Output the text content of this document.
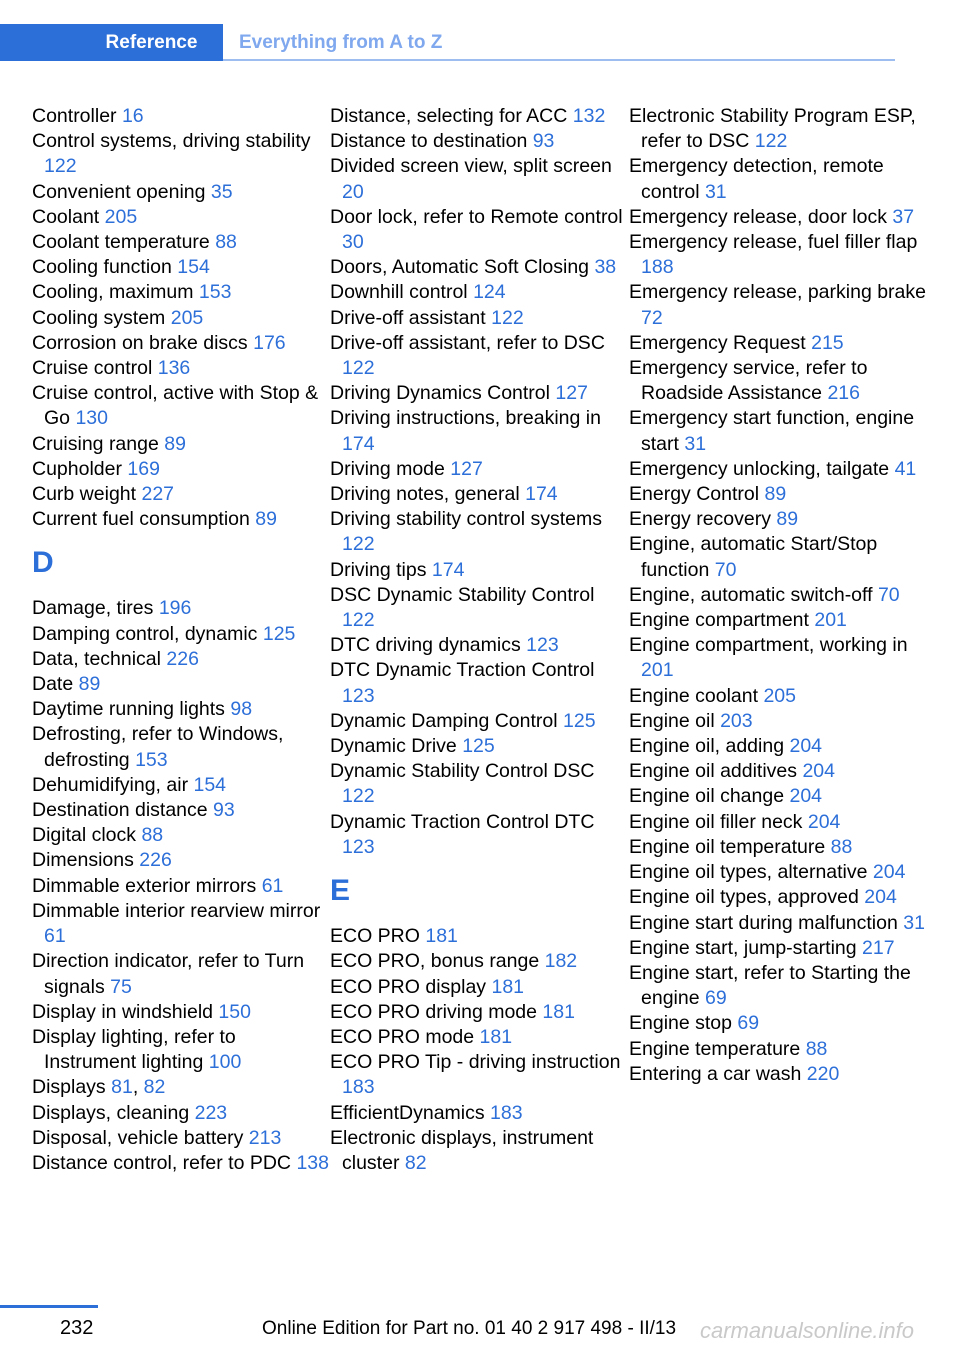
Reference	Everything from A to Z
Controller 16
Control systems, driving stability 122
Convenient opening 35
Coolant 205
Coolant temperature 88
Cooling function 154
Cooling, maximum 153
Cooling system 205
Corrosion on brake discs 176
Cruise control 136
Cruise control, active with Stop & Go 130
Cruising range 89
Cupholder 169
Curb weight 227
Current fuel consumption 89
D
Damage, tires 196
Damping control, dynamic 125
Data, technical 226
Date 89
Daytime running lights 98
Defrosting, refer to Windows, defrosting 153
Dehumidifying, air 154
Destination distance 93
Digital clock 88
Dimensions 226
Dimmable exterior mirrors 61
Dimmable interior rearview mirror 61
Direction indicator, refer to Turn signals 75
Display in windshield 150
Display lighting, refer to Instrument lighting 100
Displays 81, 82
Displays, cleaning 223
Disposal, vehicle battery 213
Distance control, refer to PDC 138
Distance, selecting for ACC 132
Distance to destination 93
Divided screen view, split screen 20
Door lock, refer to Remote control 30
Doors, Automatic Soft Closing 38
Downhill control 124
Drive-off assistant 122
Drive-off assistant, refer to DSC 122
Driving Dynamics Control 127
Driving instructions, breaking in 174
Driving mode 127
Driving notes, general 174
Driving stability control systems 122
Driving tips 174
DSC Dynamic Stability Control 122
DTC driving dynamics 123
DTC Dynamic Traction Control 123
Dynamic Damping Control 125
Dynamic Drive 125
Dynamic Stability Control DSC 122
Dynamic Traction Control DTC 123
E
ECO PRO 181
ECO PRO, bonus range 182
ECO PRO display 181
ECO PRO driving mode 181
ECO PRO mode 181
ECO PRO Tip - driving instruction 183
EfficientDynamics 183
Electronic displays, instrument cluster 82
Electronic Stability Program ESP, refer to DSC 122
Emergency detection, remote control 31
Emergency release, door lock 37
Emergency release, fuel filler flap 188
Emergency release, parking brake 72
Emergency Request 215
Emergency service, refer to Roadside Assistance 216
Emergency start function, engine start 31
Emergency unlocking, tailgate 41
Energy Control 89
Energy recovery 89
Engine, automatic Start/Stop function 70
Engine, automatic switch-off 70
Engine compartment 201
Engine compartment, working in 201
Engine coolant 205
Engine oil 203
Engine oil, adding 204
Engine oil additives 204
Engine oil change 204
Engine oil filler neck 204
Engine oil temperature 88
Engine oil types, alternative 204
Engine oil types, approved 204
Engine start during malfunction 31
Engine start, jump-starting 217
Engine start, refer to Starting the engine 69
Engine stop 69
Engine temperature 88
Entering a car wash 220
232	Online Edition for Part no. 01 40 2 917 498 - II/13 carmanualsonline.info
